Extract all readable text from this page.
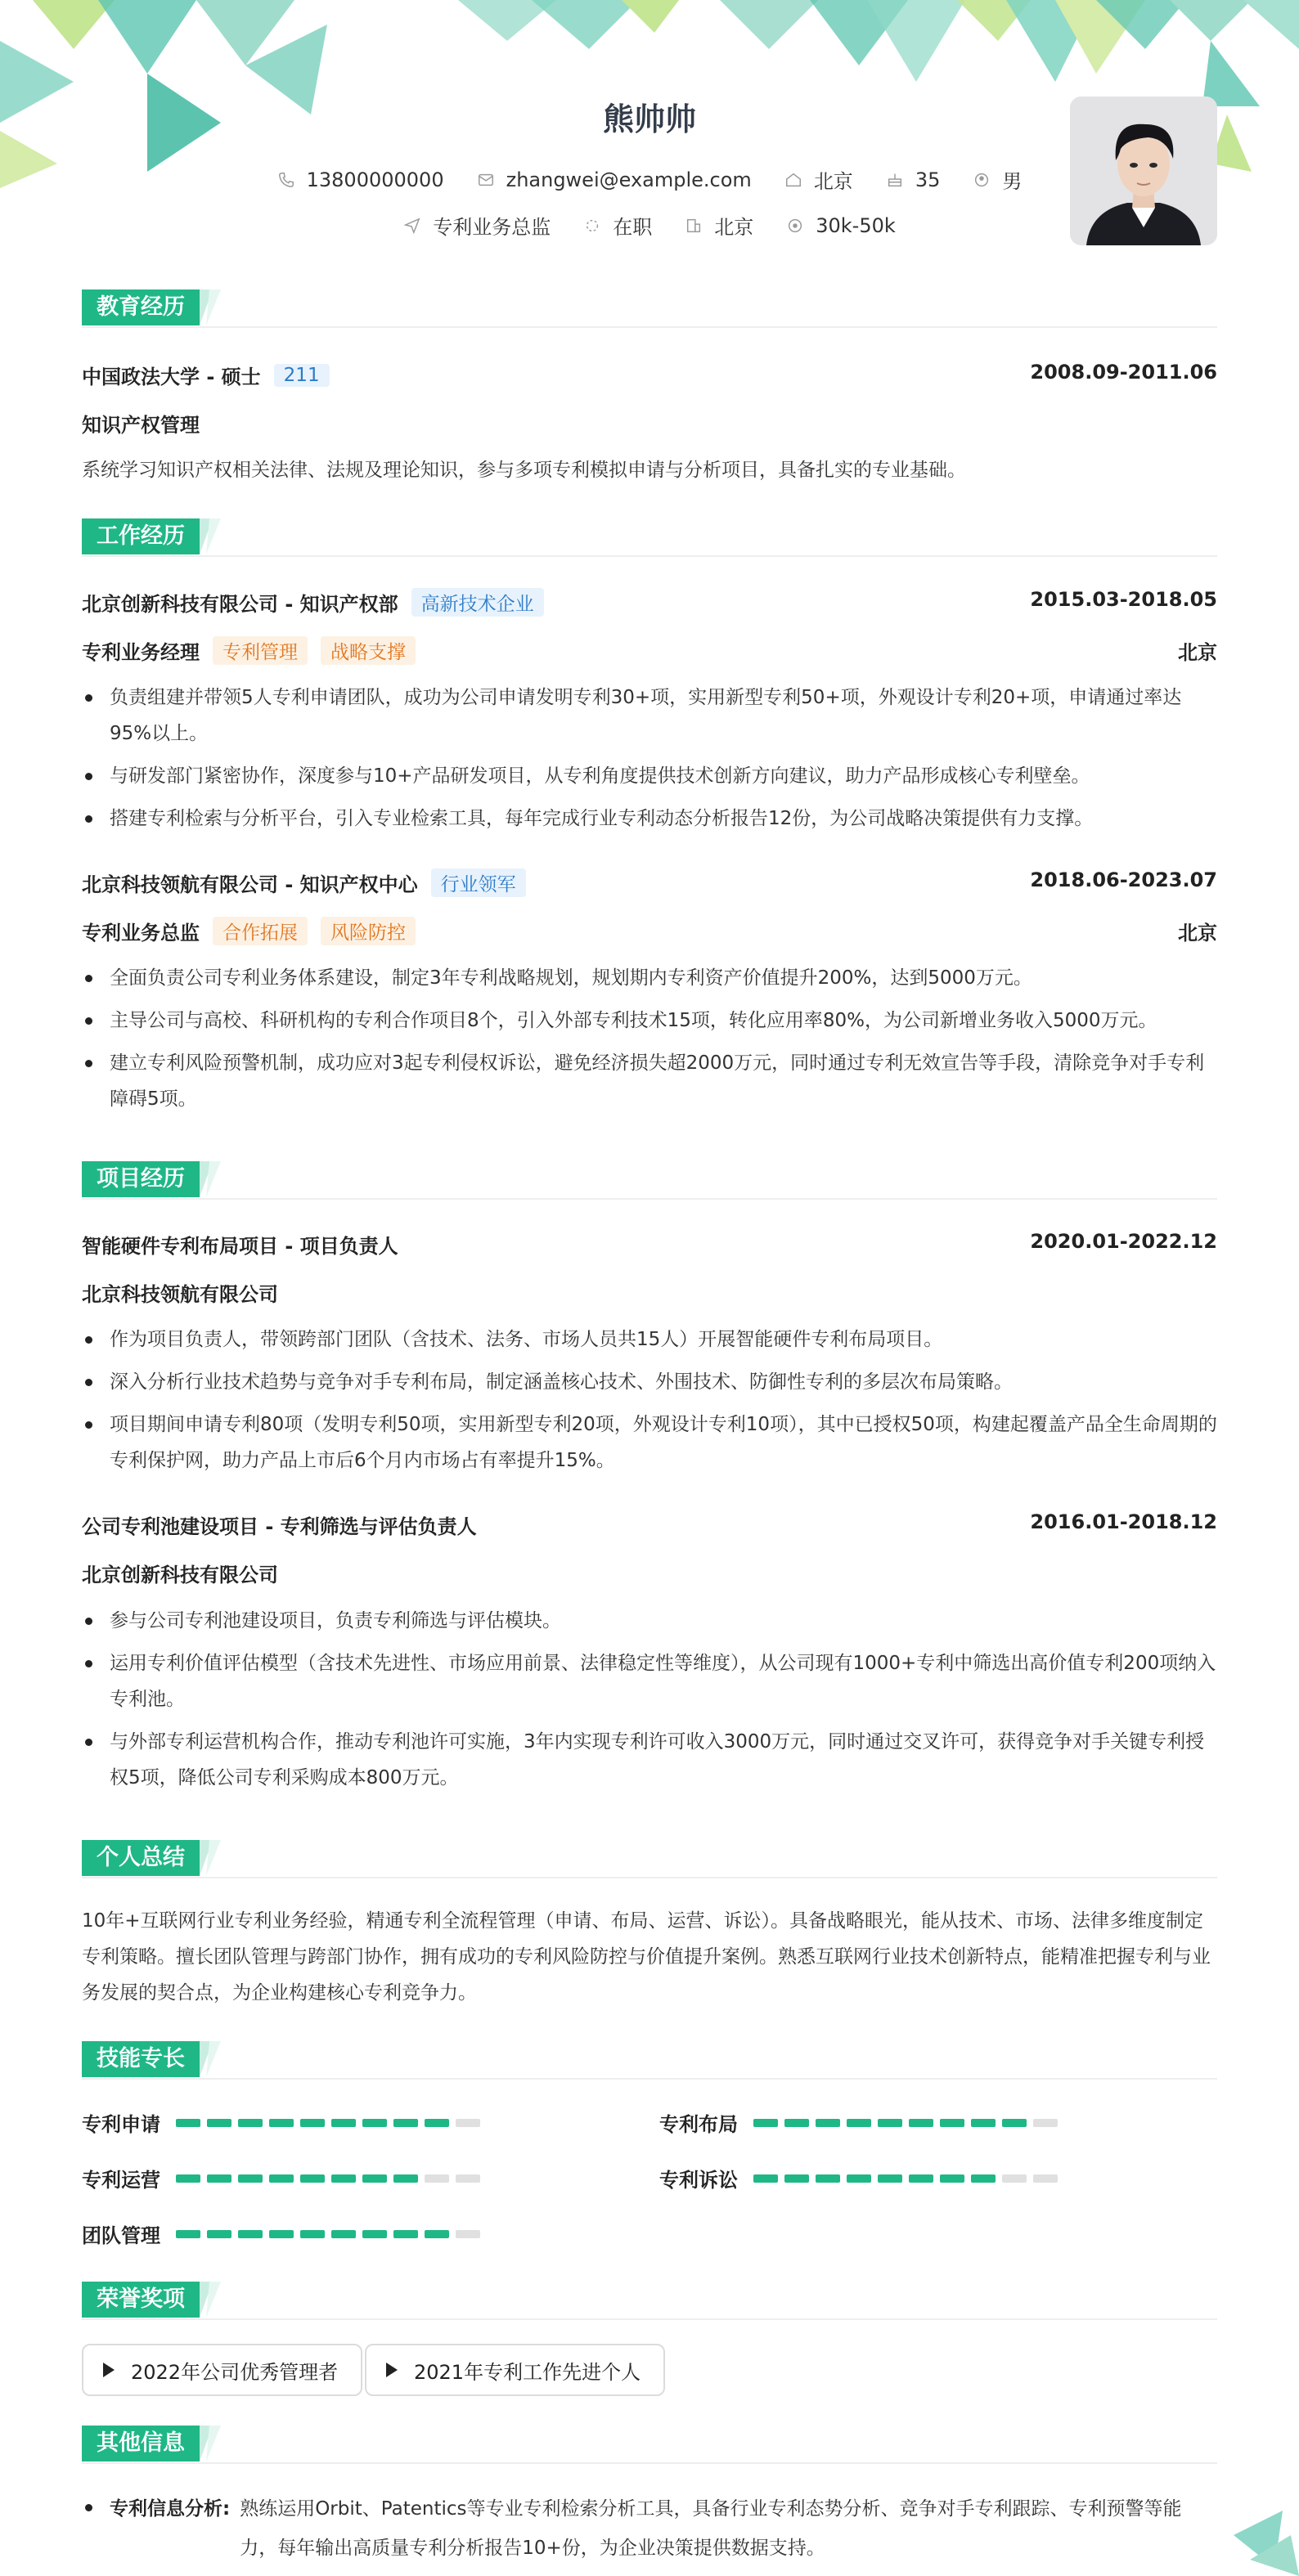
熊帅帅
13800000000	zhangwei@example.com	北京	35	男
专利业务总监	在职	北京	30k-50k
教育经历
中国政法大学 - 硕士	211	2008.09-2011.06
知识产权管理
系统学习知识产权相关法律、法规及理论知识，参与多项专利模拟申请与分析项目，具备扎实的专业基础。
工作经历
北京创新科技有限公司 - 知识产权部	高新技术企业	2015.03-2018.05
专利业务经理	专利管理	战略支撑	北京
负责组建并带领5人专利申请团队，成功为公司申请发明专利30+项，实用新型专利50+项，外观设计专利20+项，申请通过率达95%以上。
与研发部门紧密协作，深度参与10+产品研发项目，从专利角度提供技术创新方向建议，助力产品形成核心专利壁垒。
搭建专利检索与分析平台，引入专业检索工具，每年完成行业专利动态分析报告12份，为公司战略决策提供有力支撑。
北京科技领航有限公司 - 知识产权中心	行业领军	2018.06-2023.07
专利业务总监	合作拓展	风险防控	北京
全面负责公司专利业务体系建设，制定3年专利战略规划，规划期内专利资产价值提升200%，达到5000万元。
主导公司与高校、科研机构的专利合作项目8个，引入外部专利技术15项，转化应用率80%，为公司新增业务收入5000万元。
建立专利风险预警机制，成功应对3起专利侵权诉讼，避免经济损失超2000万元，同时通过专利无效宣告等手段，清除竞争对手专利障碍5项。
项目经历
智能硬件专利布局项目 - 项目负责人	2020.01-2022.12
北京科技领航有限公司
作为项目负责人，带领跨部门团队（含技术、法务、市场人员共15人）开展智能硬件专利布局项目。
深入分析行业技术趋势与竞争对手专利布局，制定涵盖核心技术、外围技术、防御性专利的多层次布局策略。
项目期间申请专利80项（发明专利50项，实用新型专利20项，外观设计专利10项），其中已授权50项，构建起覆盖产品全生命周期的专利保护网，助力产品上市后6个月内市场占有率提升15%。
公司专利池建设项目 - 专利筛选与评估负责人	2016.01-2018.12
北京创新科技有限公司
参与公司专利池建设项目，负责专利筛选与评估模块。
运用专利价值评估模型（含技术先进性、市场应用前景、法律稳定性等维度），从公司现有1000+专利中筛选出高价值专利200项纳入专利池。
与外部专利运营机构合作，推动专利池许可实施，3年内实现专利许可收入3000万元，同时通过交叉许可，获得竞争对手关键专利授权5项，降低公司专利采购成本800万元。
个人总结
10年+互联网行业专利业务经验，精通专利全流程管理（申请、布局、运营、诉讼）。具备战略眼光，能从技术、市场、法律多维度制定专利策略。擅长团队管理与跨部门协作，拥有成功的专利风险防控与价值提升案例。熟悉互联网行业技术创新特点，能精准把握专利与业务发展的契合点，为企业构建核心专利竞争力。
技能专长
专利申请	专利布局
专利运营	专利诉讼
团队管理
荣誉奖项
2022年公司优秀管理者	2021年专利工作先进个人
其他信息
专利信息分析: 熟练运用Orbit、Patentics等专业专利检索分析工具，具备行业专利态势分析、竞争对手专利跟踪、专利预警等能力，每年输出高质量专利分析报告10+份，为企业决策提供数据支持。
